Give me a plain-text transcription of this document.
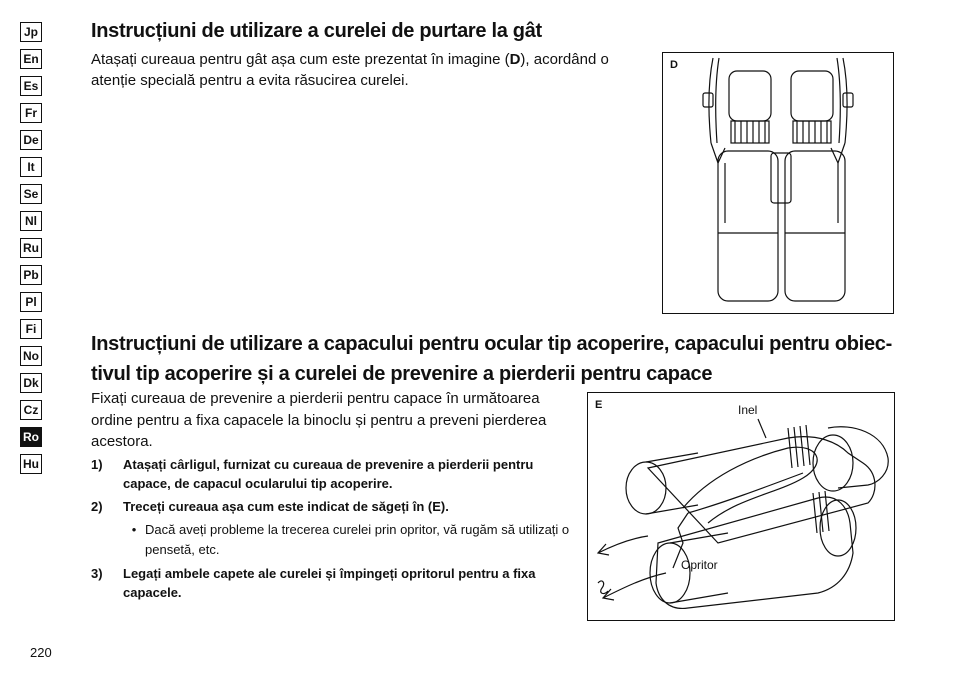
Jp
En
Es
Fr
De
It
Se
Nl
Ru
Pb
Pl
Fi
No
Dk
Cz
Ro
Hu
Instrucțiuni de utilizare a curelei de purtare la gât
Atașați cureaua pentru gât așa cum este prezentat în imagine (D), acordând o atenție specială pentru a evita răsucirea curelei.
D
Instrucțiuni de utilizare a capacului pentru ocular tip acoperire, capacului pentru obiec-tivul tip acoperire și a curelei de prevenire a pierderii pentru capace
Fixați cureaua de prevenire a pierderii pentru capace în următoarea ordine pentru a fixa capacele la binoclu și pentru a preveni pierderea acestora.
1)	Atașați cârligul, furnizat cu cureaua de prevenire a pierderii pentru capace, de capacul ocularului tip acoperire.
2)	Treceți cureaua așa cum este indicat de săgeți în (E).
• Dacă aveți probleme la trecerea curelei prin opritor, vă rugăm să utilizați o pensetă, etc.
3)	Legați ambele capete ale curelei și împingeți opritorul pentru a fixa capacele.
E	Inel
Opritor
220
